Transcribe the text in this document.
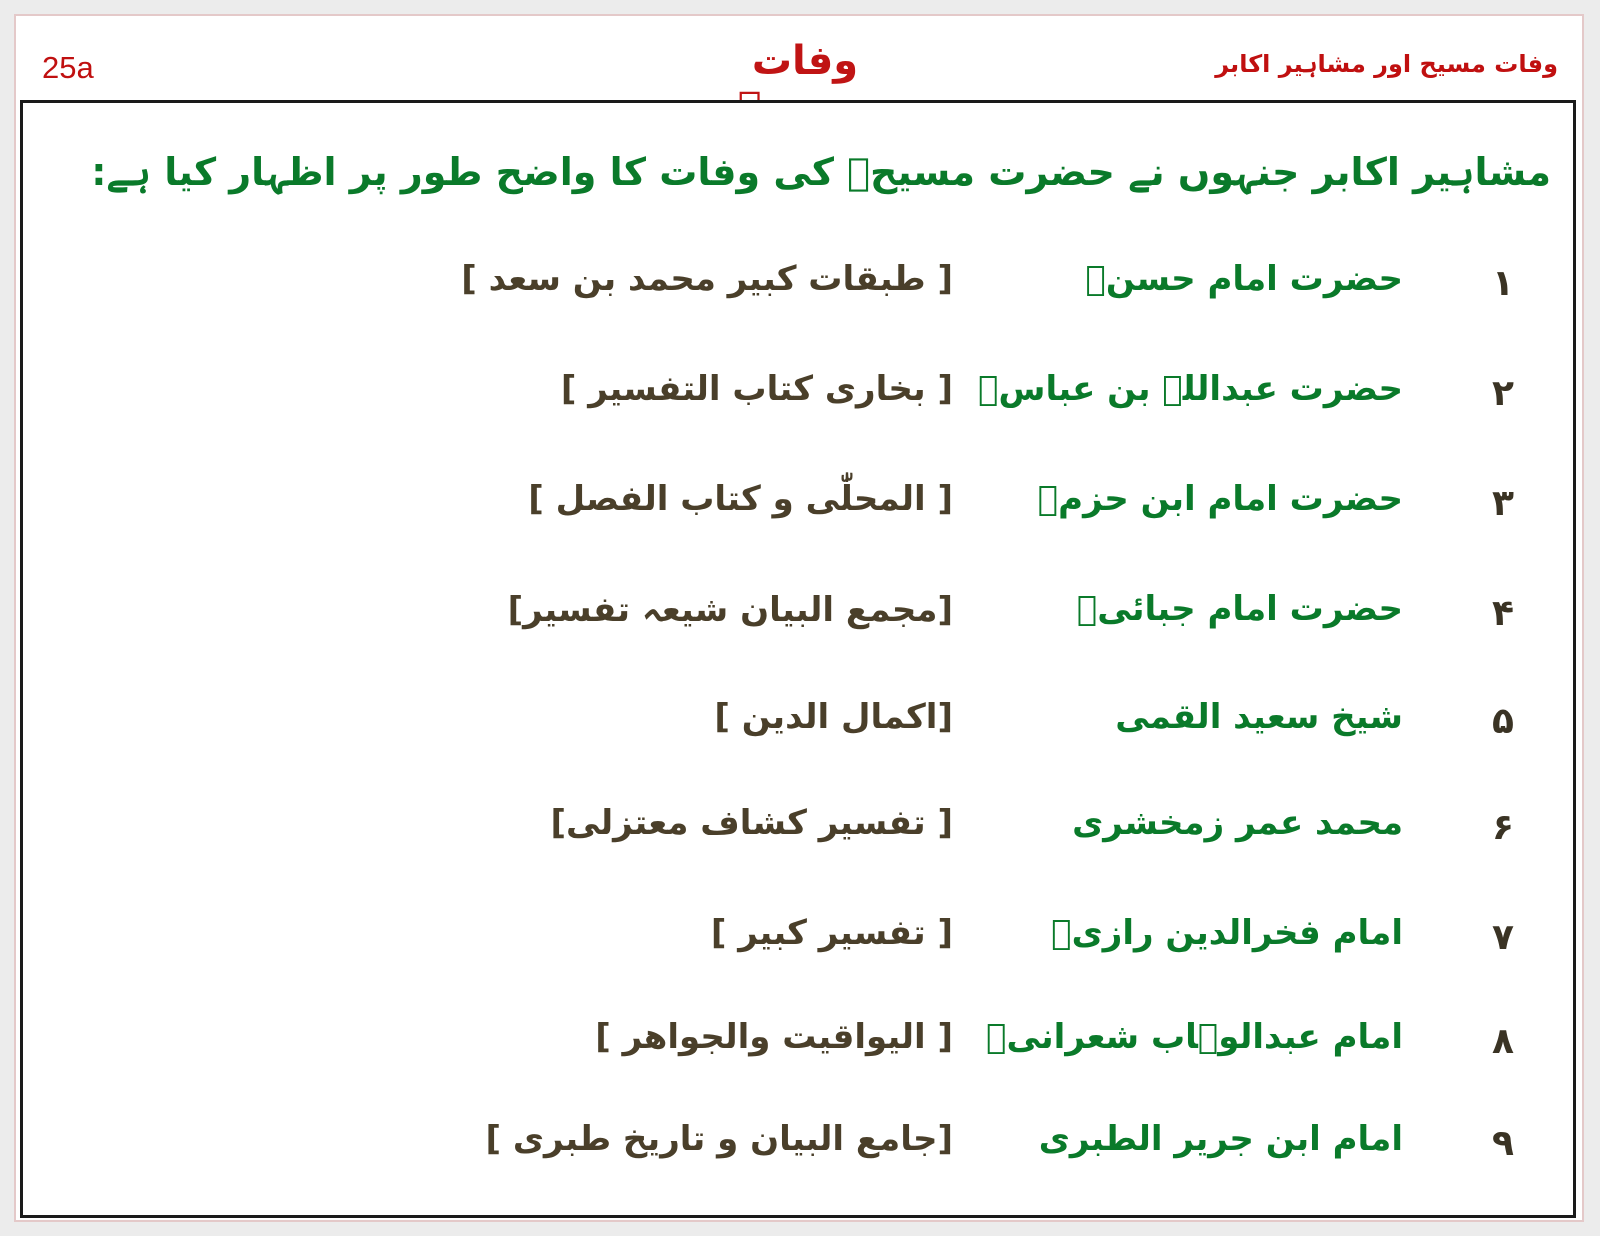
25a	وفات	وفات مسیح اور مشاہیر اکابر
مشاہیر اکابر جنہوں نے حضرت مسیحؑ کی وفات کا واضح طور پر اظہار کیا ہے:
۱
حضرت امام حسنؓ
[ طبقات کبیر محمد بن سعد ]
۲
حضرت عبداللہ بن عباسؓ
[ بخاری کتاب التفسیر ]
۳
حضرت امام ابن حزمؒ
[ المحلّٰی و کتاب الفصل ]
۴
حضرت امام جبائیؒ
[مجمع البیان شیعہ تفسیر]
۵
شیخ سعید القمی
[اکمال الدین ]
۶
محمد عمر زمخشری
[ تفسیر کشاف معتزلی]
۷
امام فخرالدین رازیؒ
[ تفسیر کبیر ]
۸
امام عبدالوہاب شعرانیؒ
[ الیواقیت والجواھر ]
۹
امام ابن جریر الطبری
[جامع البیان و تاریخ طبری ]
